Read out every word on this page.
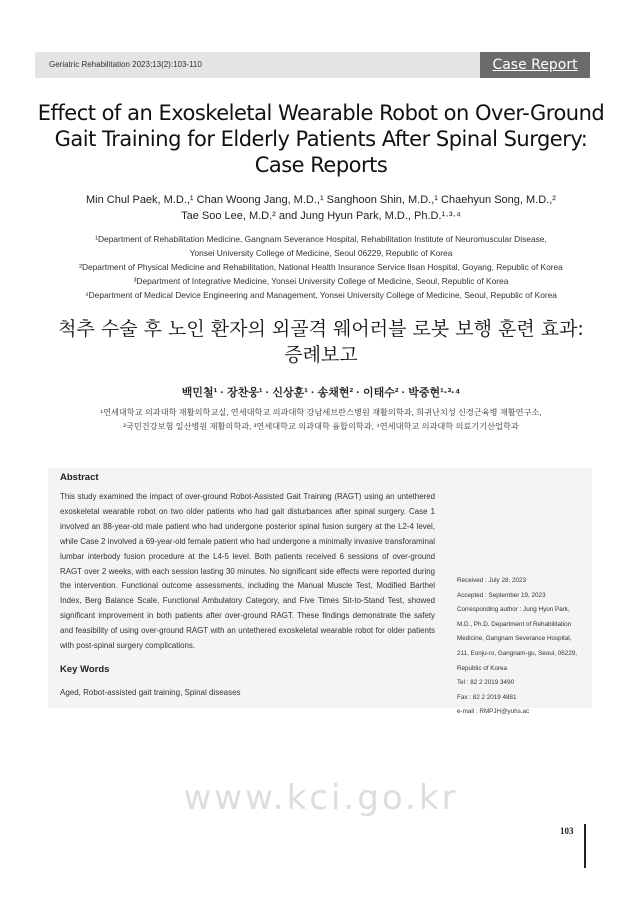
Geriatric Rehabilitation 2023;13(2):103-110	Case Report
Effect of an Exoskeletal Wearable Robot on Over-Ground
Gait Training for Elderly Patients After Spinal Surgery:
Case Reports
Min Chul Paek, M.D.,¹ Chan Woong Jang, M.D.,¹ Sanghoon Shin, M.D.,¹ Chaehyun Song, M.D.,²
Tae Soo Lee, M.D.² and Jung Hyun Park, M.D., Ph.D.¹·³·⁴
¹Department of Rehabilitation Medicine, Gangnam Severance Hospital, Rehabilitation Institute of Neuromuscular Disease,
Yonsei University College of Medicine, Seoul 06229, Republic of Korea
²Department of Physical Medicine and Rehabilitation, National Health Insurance Service Ilsan Hospital, Goyang, Republic of Korea
³Department of Integrative Medicine, Yonsei University College of Medicine, Seoul, Republic of Korea
⁴Department of Medical Device Engineering and Management, Yonsei University College of Medicine, Seoul, Republic of Korea
척추 수술 후 노인 환자의 외골격 웨어러블 로봇 보행 훈련 효과:
증례보고
백민철¹ · 장찬웅¹ · 신상훈¹ · 송채현² · 이태수² · 박중현¹·³·⁴
¹연세대학교 의과대학 재활의학교실, 연세대학교 의과대학 강남세브란스병원 재활의학과, 희귀난치성 신경근육병 재활연구소,
²국민건강보험 일산병원 재활의학과, ³연세대학교 의과대학 융합의학과, ⁴연세대학교 의과대학 의료기기산업학과
Abstract
This study examined the impact of over-ground Robot-Assisted Gait Training (RAGT) using an untethered exoskeletal wearable robot on two older patients who had gait disturbances after spinal surgery. Case 1 involved an 88-year-old male patient who had undergone posterior spinal fusion surgery at the L2-4 level, while Case 2 involved a 69-year-old female patient who had undergone a minimally invasive transforaminal lumbar interbody fusion procedure at the L4-5 level. Both patients received 6 sessions of over-ground RAGT over 2 weeks, with each session lasting 30 minutes. No significant side effects were reported during the intervention. Functional outcome assessments, including the Manual Muscle Test, Modified Barthel Index, Berg Balance Scale, Functional Ambulatory Category, and Five Times Sit-to-Stand Test, showed significant improvement in both patients after over-ground RAGT. These findings demonstrate the safety and feasibility of using over-ground RAGT with an untethered exoskeletal wearable robot for older patients with post-spinal surgery complications.
Key Words
Aged, Robot-assisted gait training, Spinal diseases
Received : July 28, 2023
Accepted : September 19, 2023
Corresponding author : Jung Hyun Park,
M.D., Ph.D. Department of Rehabilitation
Medicine, Gangnam Severance Hospital,
211, Eonju-ro, Gangnam-gu, Seoul, 06229,
Republic of Korea
Tel : 82 2 2019 3490
Fax : 82 2 2019 4881
e-mail : RMPJH@yuhs.ac
www.kci.go.kr
103
